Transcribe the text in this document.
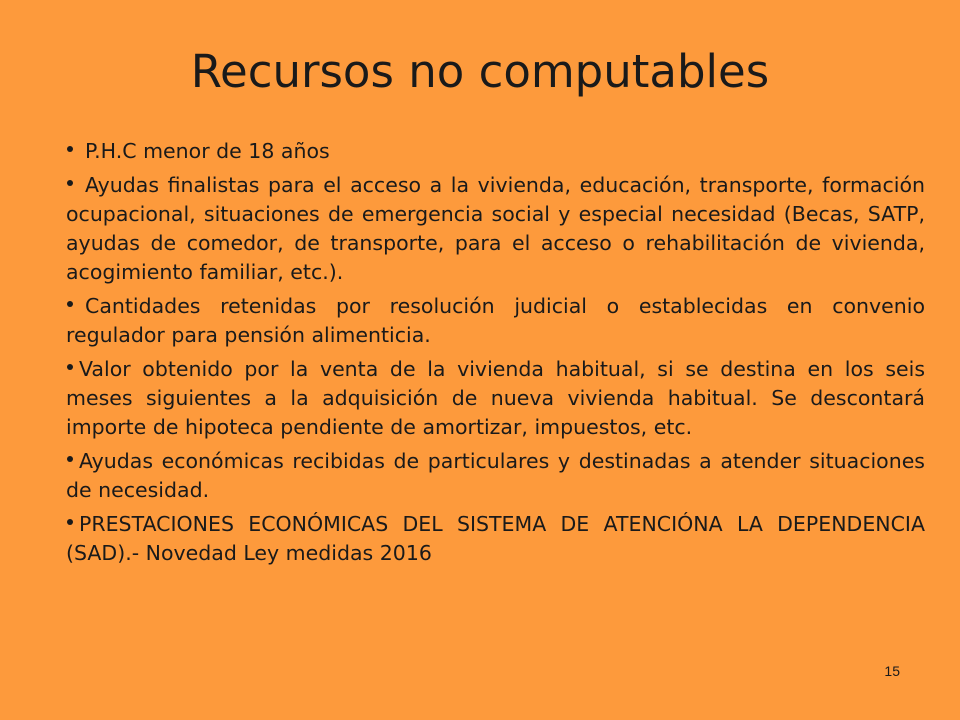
Recursos no computables
P.H.C menor de 18 años
Ayudas finalistas para el acceso a la vivienda, educación, transporte, formación ocupacional, situaciones de emergencia social y especial necesidad (Becas, SATP, ayudas de comedor, de transporte, para el acceso o rehabilitación de vivienda, acogimiento familiar, etc.).
Cantidades retenidas por resolución judicial o establecidas en convenio regulador para pensión alimenticia.
Valor obtenido por la venta de la vivienda habitual, si se destina en los seis meses siguientes a la adquisición de nueva vivienda habitual. Se descontará importe de hipoteca pendiente de amortizar, impuestos, etc.
Ayudas económicas recibidas de particulares y destinadas a atender situaciones de necesidad.
PRESTACIONES ECONÓMICAS DEL SISTEMA DE ATENCIÓNA LA DEPENDENCIA (SAD).- Novedad Ley medidas 2016
15
